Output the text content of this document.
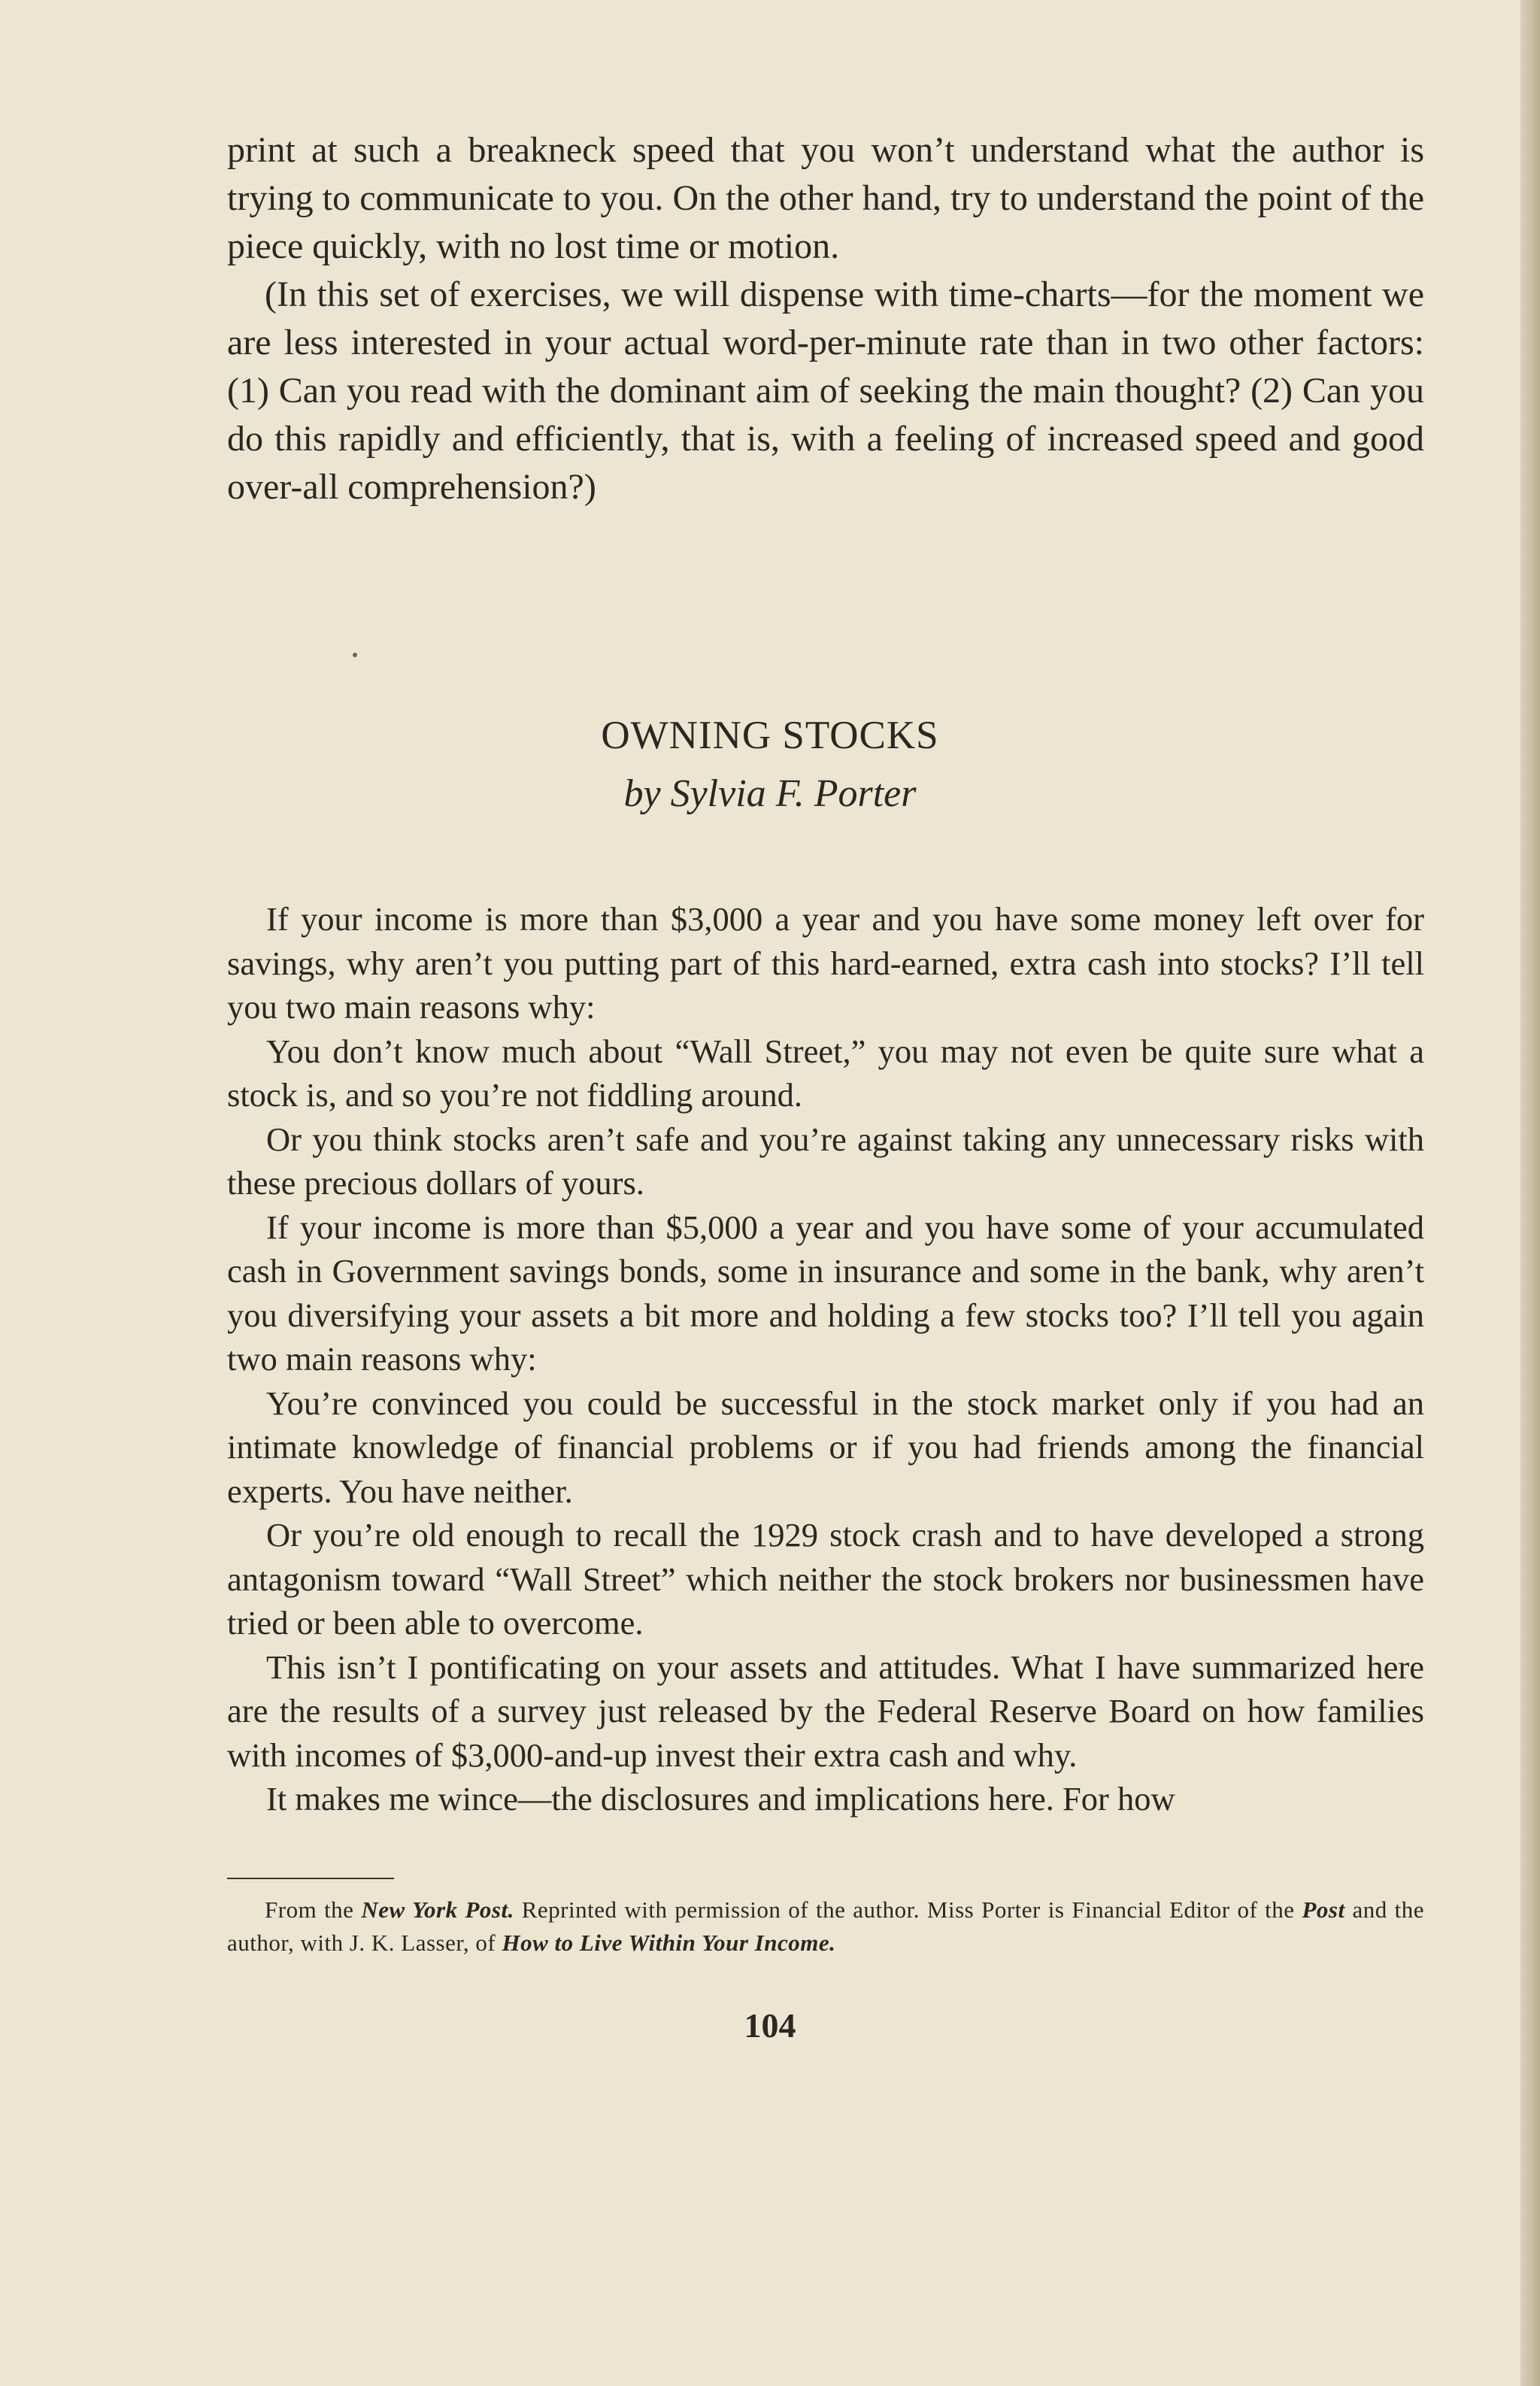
print at such a breakneck speed that you won’t understand what the author is trying to communicate to you. On the other hand, try to understand the point of the piece quickly, with no lost time or motion.

(In this set of exercises, we will dispense with time-charts—for the moment we are less interested in your actual word-per-minute rate than in two other factors: (1) Can you read with the dominant aim of seeking the main thought? (2) Can you do this rapidly and efficiently, that is, with a feeling of increased speed and good over-all comprehension?)

OWNING STOCKS
by Sylvia F. Porter

If your income is more than $3,000 a year and you have some money left over for savings, why aren’t you putting part of this hard-earned, extra cash into stocks? I’ll tell you two main reasons why:

You don’t know much about “Wall Street,” you may not even be quite sure what a stock is, and so you’re not fiddling around.

Or you think stocks aren’t safe and you’re against taking any unnecessary risks with these precious dollars of yours.

If your income is more than $5,000 a year and you have some of your accumulated cash in Government savings bonds, some in insurance and some in the bank, why aren’t you diversifying your assets a bit more and holding a few stocks too? I’ll tell you again two main reasons why:

You’re convinced you could be successful in the stock market only if you had an intimate knowledge of financial problems or if you had friends among the financial experts. You have neither.

Or you’re old enough to recall the 1929 stock crash and to have developed a strong antagonism toward “Wall Street” which neither the stock brokers nor businessmen have tried or been able to overcome.

This isn’t I pontificating on your assets and attitudes. What I have summarized here are the results of a survey just released by the Federal Reserve Board on how families with incomes of $3,000-and-up invest their extra cash and why.

It makes me wince—the disclosures and implications here. For how

From the New York Post. Reprinted with permission of the author. Miss Porter is Financial Editor of the Post and the author, with J. K. Lasser, of How to Live Within Your Income.
104
